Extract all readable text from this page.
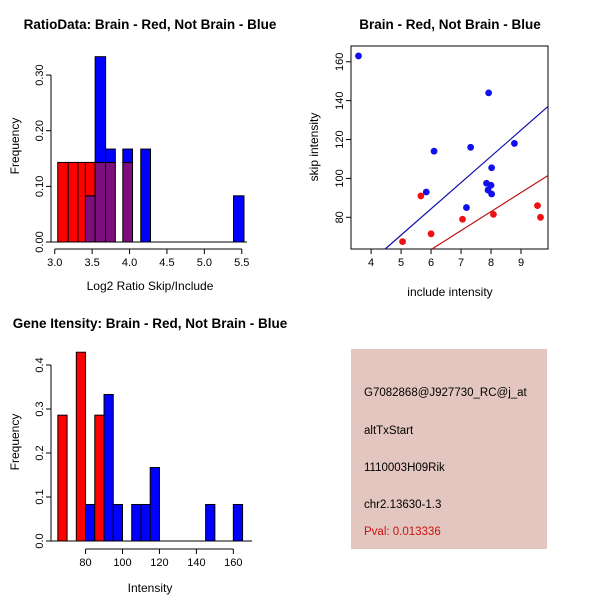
3.0 3.5 4.0 4.5 5.0 5.5
0.00
0.10
0.20
0.30
4 5 6 7 8 9
80
100
120
140
160
80 100 120 140 160
0.0
0.1
0.2
0.3
0.4
RatioData: Brain - Red, Not Brain - Blue	Brain - Red, Not Brain - Blue
Gene Itensity: Brain - Red, Not Brain - Blue
Log2 Ratio Skip/Include	include intensity
Intensity
Frequency	skip intensity
Frequency
G7082868@J927730_RC@j_at
altTxStart
1110003H09Rik
chr2.13630-1.3
Pval: 0.013336
